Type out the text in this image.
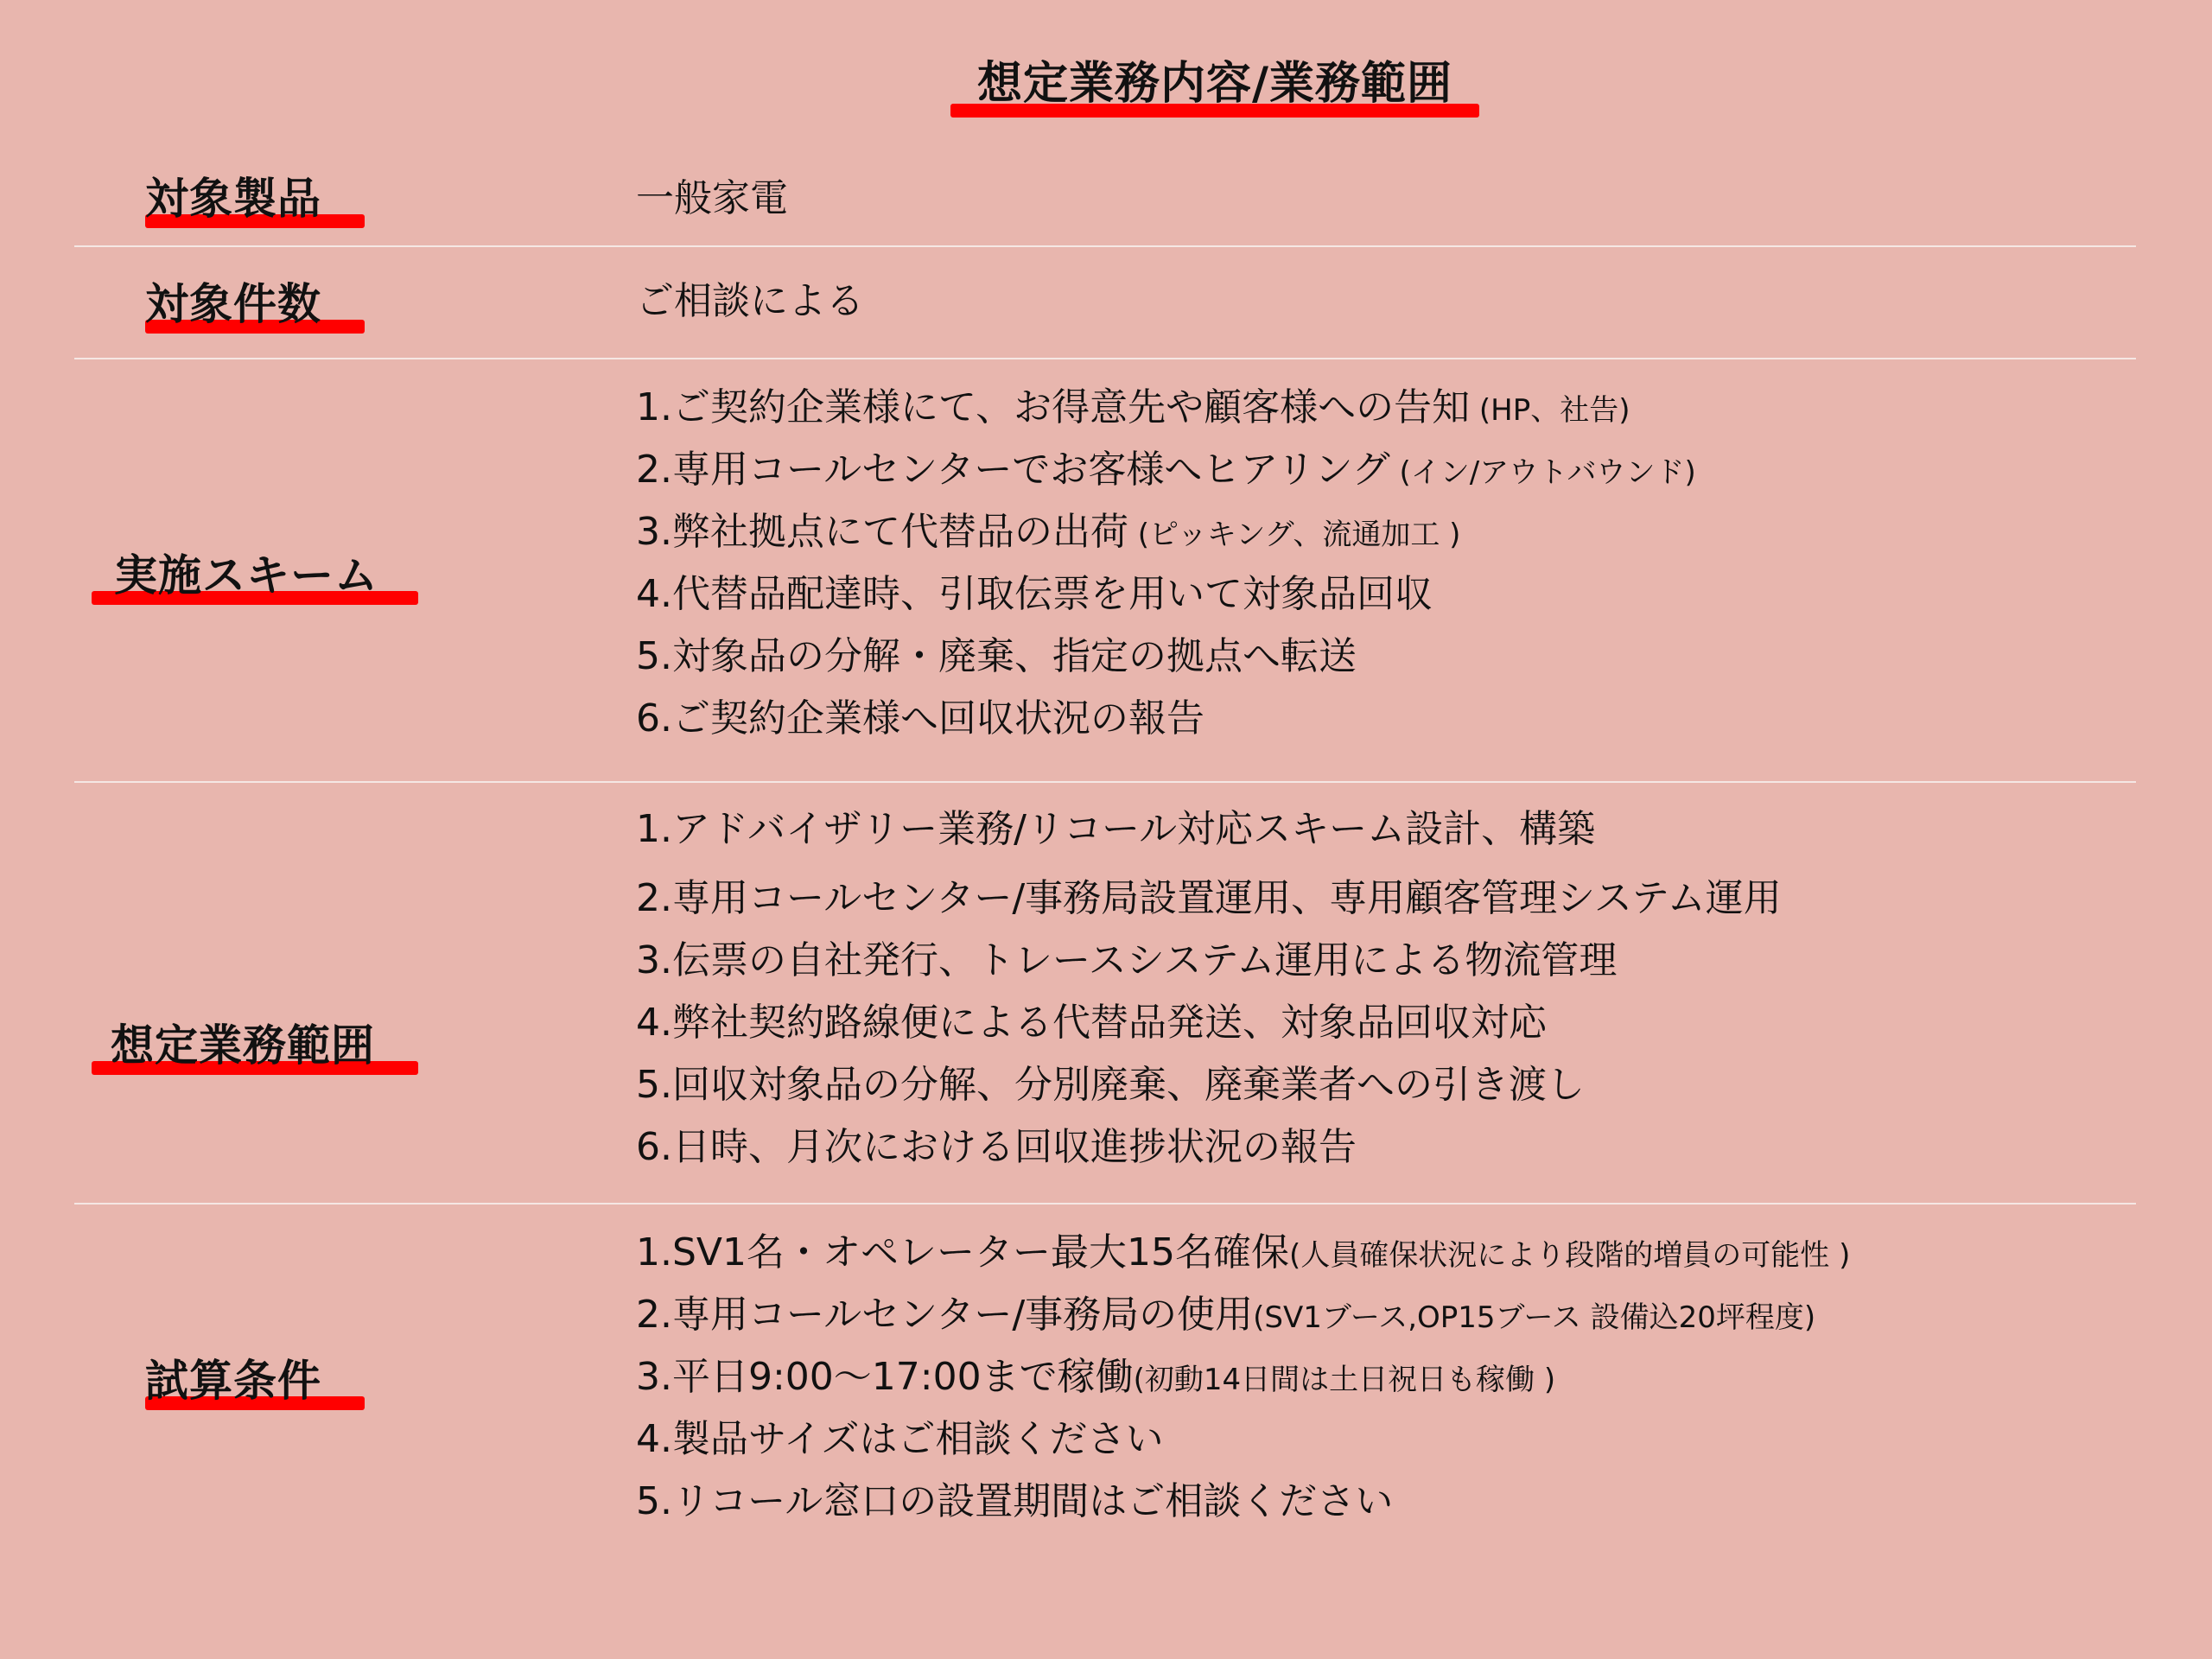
想定業務内容/業務範囲
対象製品	一般家電
対象件数	ご相談による
実施スキーム
1.ご契約企業様にて、お得意先や顧客様への告知 (HP、社告)
2.専用コールセンターでお客様へヒアリング (イン/アウトバウンド)
3.弊社拠点にて代替品の出荷 (ピッキング、流通加工 )
4.代替品配達時、引取伝票を用いて対象品回収
5.対象品の分解・廃棄、指定の拠点へ転送
6.ご契約企業様へ回収状況の報告
想定業務範囲
1.アドバイザリー業務/リコール対応スキーム設計、構築
2.専用コールセンター/事務局設置運用、専用顧客管理システム運用
3.伝票の自社発行、トレースシステム運用による物流管理
4.弊社契約路線便による代替品発送、対象品回収対応
5.回収対象品の分解、分別廃棄、廃棄業者への引き渡し
6.日時、月次における回収進捗状況の報告
試算条件
1.SV1名・オペレーター最大15名確保(人員確保状況により段階的増員の可能性 )
2.専用コールセンター/事務局の使用(SV1ブース,OP15ブース 設備込20坪程度)
3.平日9:00～17:00まで稼働(初動14日間は土日祝日も稼働 )
4.製品サイズはご相談ください
5.リコール窓口の設置期間はご相談ください
